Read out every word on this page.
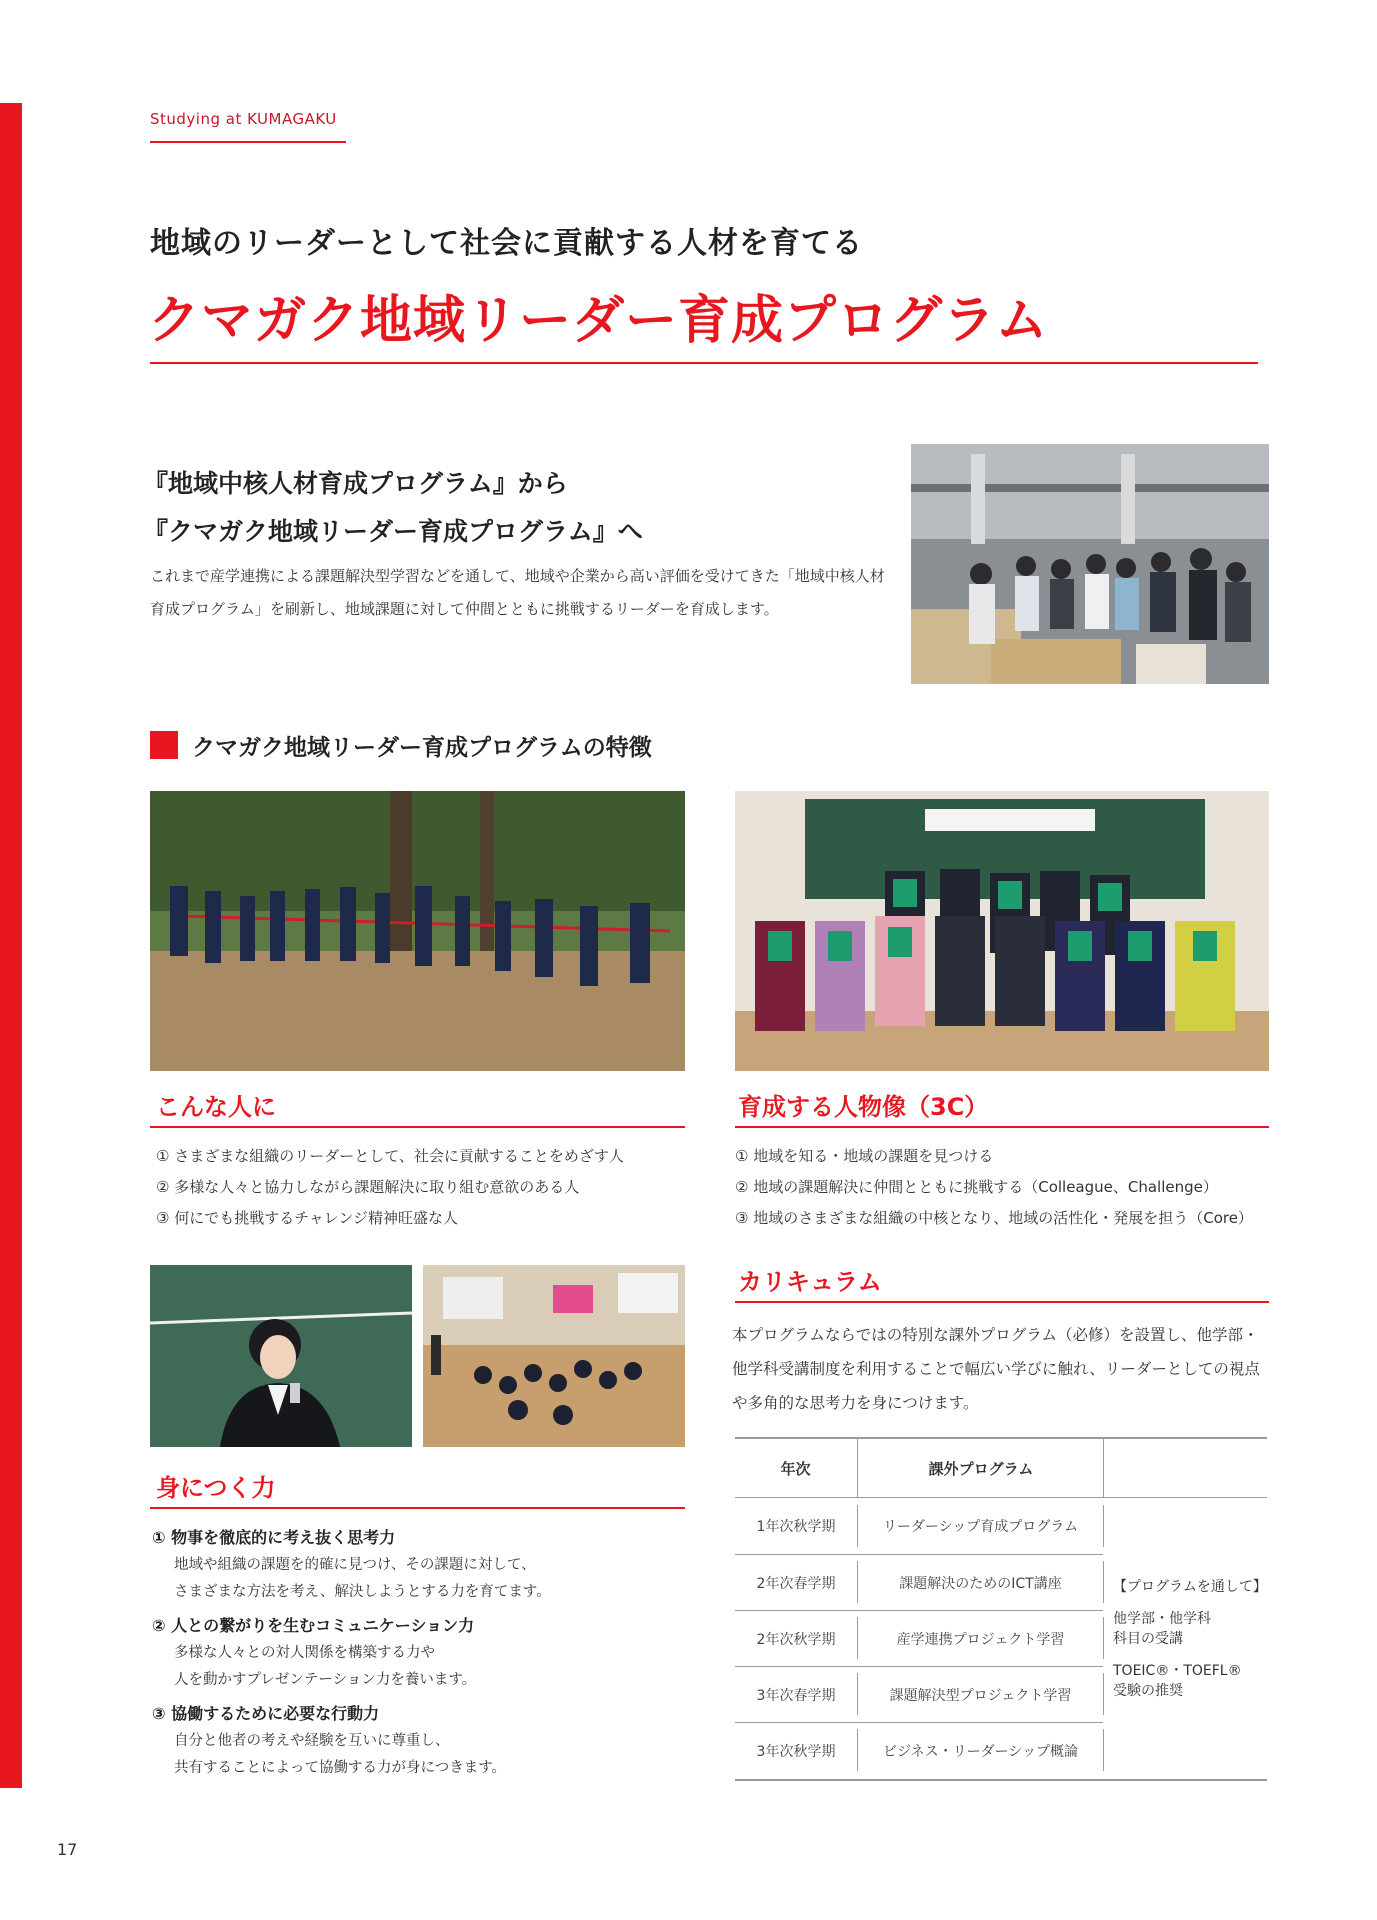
Studying at KUMAGAKU
地域のリーダーとして社会に貢献する人材を育てる
クマガク地域リーダー育成プログラム
『地域中核人材育成プログラム』から
『クマガク地域リーダー育成プログラム』へ

これまで産学連携による課題解決型学習などを通して、地域や企業から高い評価を受けてきた「地域中核人材育成プログラム」を刷新し、地域課題に対して仲間とともに挑戦するリーダーを育成します。

クマガク地域リーダー育成プログラムの特徴
こんな人に
① さまざまな組織のリーダーとして、社会に貢献することをめざす人
② 多様な人々と協力しながら課題解決に取り組む意欲のある人
③ 何にでも挑戦するチャレンジ精神旺盛な人
育成する人物像（3C）
① 地域を知る・地域の課題を見つける
② 地域の課題解決に仲間とともに挑戦する（Colleague、Challenge）
③ 地域のさまざまな組織の中核となり、地域の活性化・発展を担う（Core）
身につく力
① 物事を徹底的に考え抜く思考力
地域や組織の課題を的確に見つけ、その課題に対して、
さまざまな方法を考え、解決しようとする力を育てます。
② 人との繋がりを生むコミュニケーション力
多様な人々との対人関係を構築する力や
人を動かすプレゼンテーション力を養います。
③ 協働するために必要な行動力
自分と他者の考えや経験を互いに尊重し、
共有することによって協働する力が身につきます。
カリキュラム

本プログラムならではの特別な課外プログラム（必修）を設置し、他学部・他学科受講制度を利用することで幅広い学びに触れ、リーダーとしての視点や多角的な思考力を身につけます。

年次	課外プログラム
1年次秋学期	リーダーシップ育成プログラム
2年次春学期	課題解決のためのICT講座
2年次秋学期	産学連携プロジェクト学習
3年次春学期	課題解決型プロジェクト学習
3年次秋学期	ビジネス・リーダーシップ概論

【プログラムを通して】

他学部・他学科
科目の受講

TOEIC®・TOEFL®
受験の推奨

17
